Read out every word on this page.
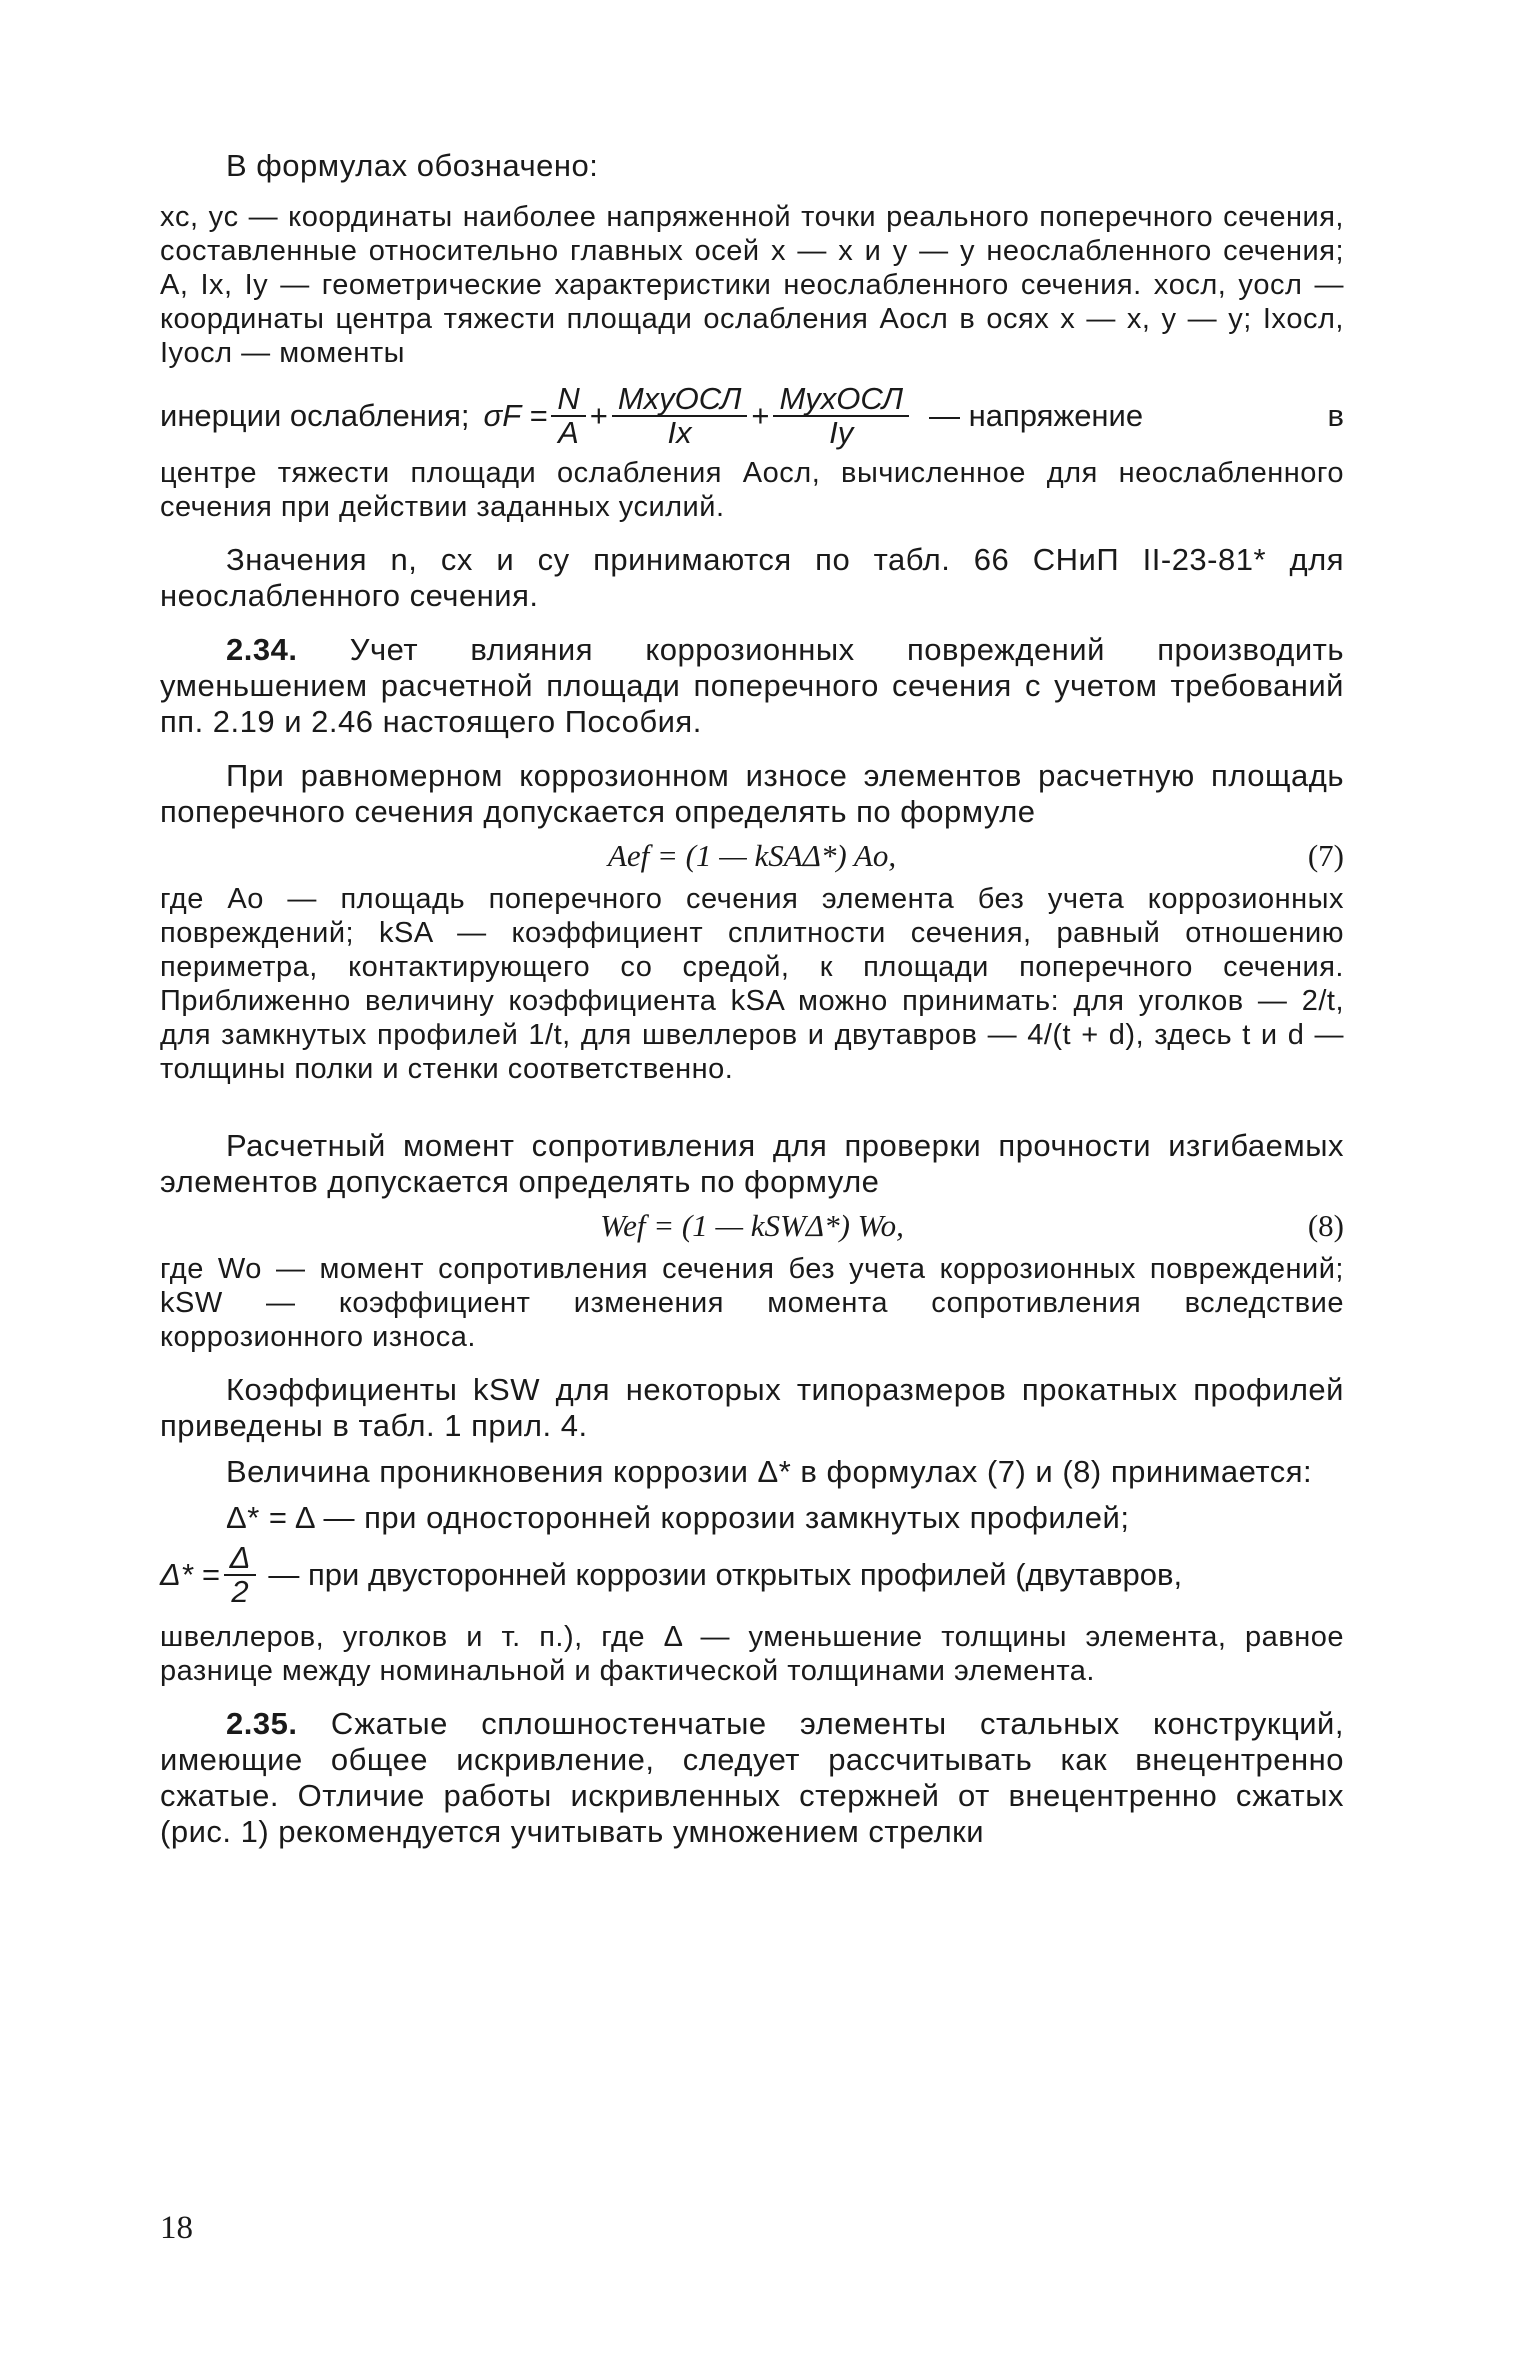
В формулах обозначено:

xc, yc — координаты наиболее напряженной точки реального поперечного сечения, составленные относительно главных осей x — x и y — y неослабленного сечения; A, Ix, Iy — геометрические характеристики неослабленного сечения. xосл, yосл — координаты центра тяжести площади ослабления Aосл в осях x — x, y — y; Ixосл, Iyосл — моменты

инерции ослабления; $\sigma F = \frac{N}{A} + \frac{\text{MxyОСЛ}}{Ix} + \frac{\text{MyxОСЛ}}{Iy}$ — напряжение	в

центре тяжести площади ослабления Aосл, вычисленное для неослабленного сечения при действии заданных усилий.

Значения n, cx и cy принимаются по табл. 66 СНиП II-23-81* для неослабленного сечения.

2.34. Учет влияния коррозионных повреждений производить уменьшением расчетной площади поперечного сечения с учетом требований пп. 2.19 и 2.46 настоящего Пособия.

При равномерном коррозионном износе элементов расчетную площадь поперечного сечения допускается определять по формуле

Aef = (1 — kSAΔ*) Ao,	(7)

где Ao — площадь поперечного сечения элемента без учета коррозионных повреждений; kSA — коэффициент сплитности сечения, равный отношению периметра, контактирующего со средой, к площади поперечного сечения. Приближенно величину коэффициента kSA можно принимать: для уголков — 2/t, для замкнутых профилей 1/t, для швеллеров и двутавров — 4/(t + d), здесь t и d — толщины полки и стенки соответственно.

Расчетный момент сопротивления для проверки прочности изгибаемых элементов допускается определять по формуле

Wef = (1 — kSWΔ*) Wo,	(8)

где Wo — момент сопротивления сечения без учета коррозионных повреждений; kSW — коэффициент изменения момента сопротивления вследствие коррозионного износа.

Коэффициенты kSW для некоторых типоразмеров прокатных профилей приведены в табл. 1 прил. 4.

Величина проникновения коррозии Δ* в формулах (7) и (8) принимается:

Δ* = Δ — при односторонней коррозии замкнутых профилей;

$\Delta* = \frac{\Delta}{2}$ — при двусторонней коррозии открытых профилей (двутавров,

швеллеров, уголков и т. п.), где Δ — уменьшение толщины элемента, равное разнице между номинальной и фактической толщинами элемента.

2.35. Сжатые сплошностенчатые элементы стальных конструкций, имеющие общее искривление, следует рассчитывать как внецентренно сжатые. Отличие работы искривленных стержней от внецентренно сжатых (рис. 1) рекомендуется учитывать умножением стрелки

18
